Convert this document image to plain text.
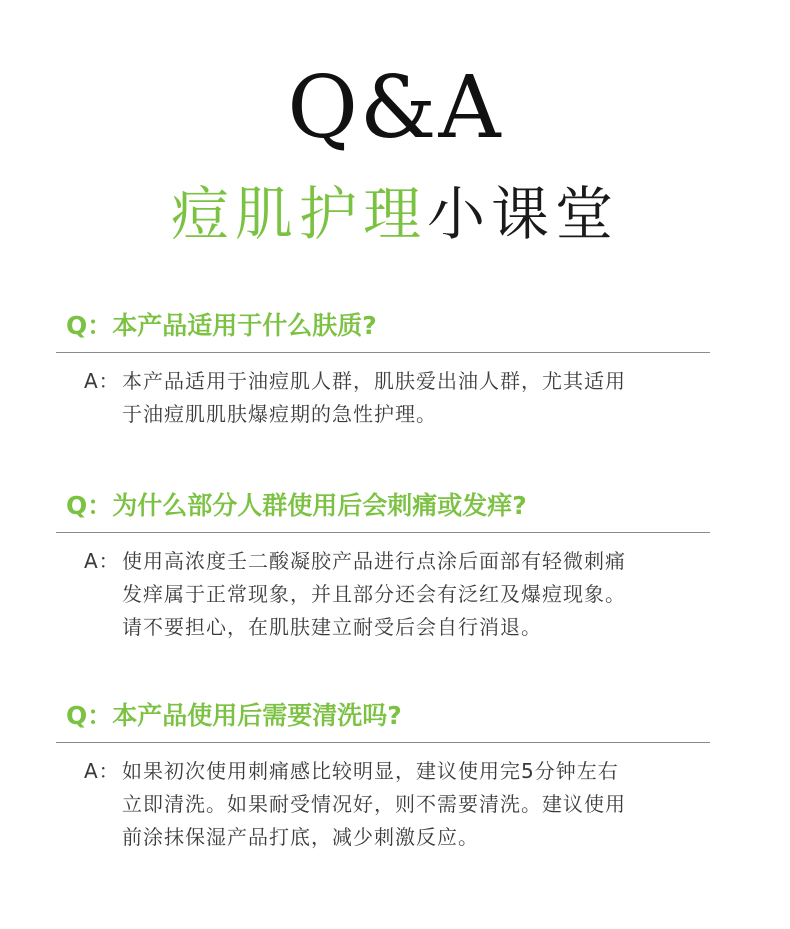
Q&A
痘肌护理小课堂
Q：本产品适用于什么肤质?
A： 本产品适用于油痘肌人群，肌肤爱出油人群，尤其适用
于油痘肌肌肤爆痘期的急性护理。
Q：为什么部分人群使用后会刺痛或发痒?
A： 使用高浓度壬二酸凝胶产品进行点涂后面部有轻微刺痛
发痒属于正常现象，并且部分还会有泛红及爆痘现象。
请不要担心，在肌肤建立耐受后会自行消退。
Q：本产品使用后需要清洗吗?
A： 如果初次使用刺痛感比较明显，建议使用完5分钟左右
立即清洗。如果耐受情况好，则不需要清洗。建议使用
前涂抹保湿产品打底，减少刺激反应。
